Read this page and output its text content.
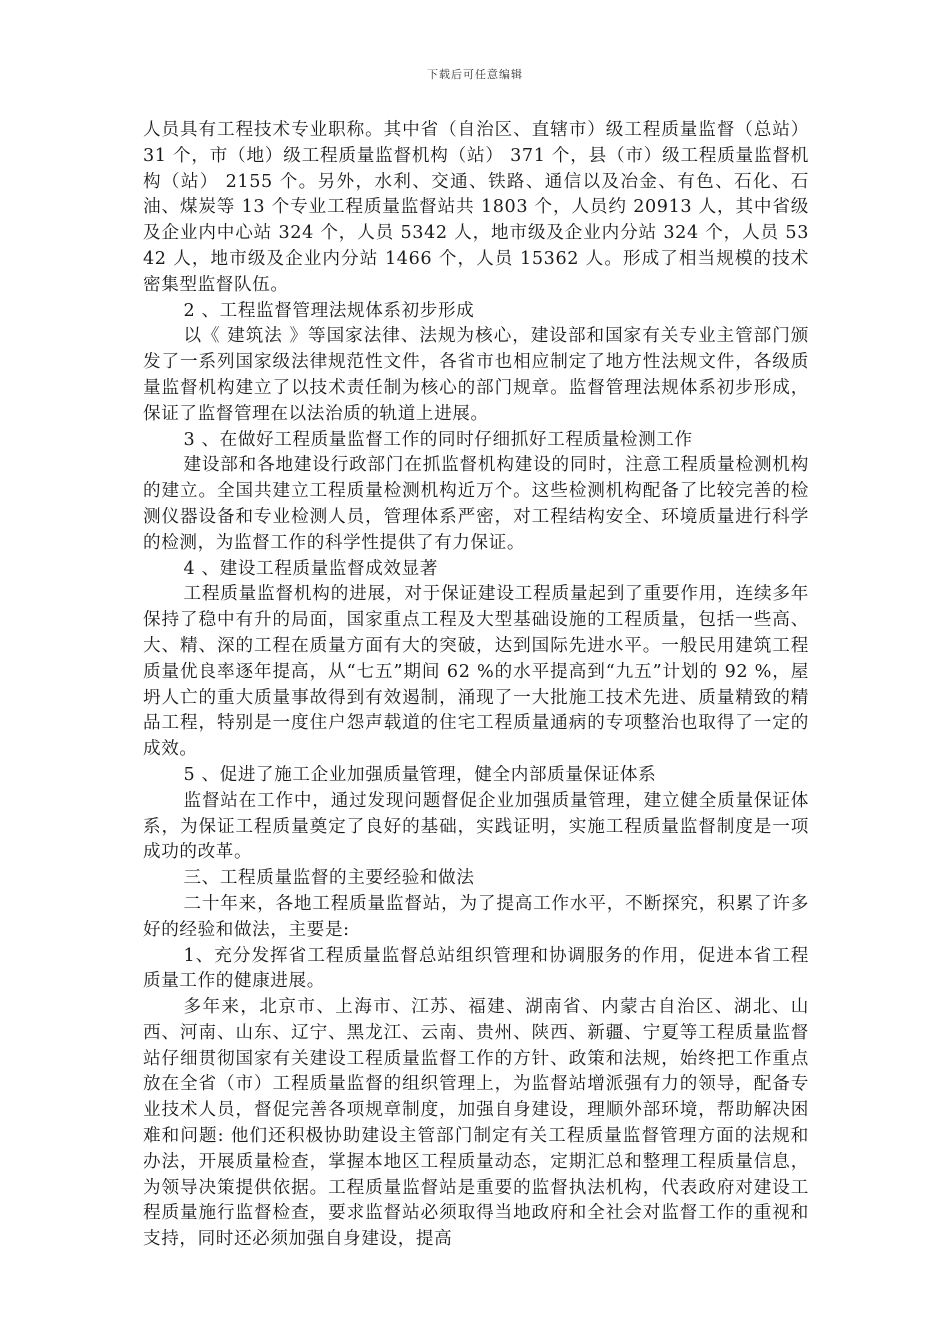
下载后可任意编辑

人员具有工程技术专业职称。其中省（自治区、直辖市）级工程质量监督（总站） 31 个，市（地）级工程质量监督机构（站） 371 个，县（市）级工程质量监督机构（站） 2155 个。另外，水利、交通、铁路、通信以及冶金、有色、石化、石油、煤炭等 13 个专业工程质量监督站共 1803 个，人员约 20913 人，其中省级及企业内中心站 324 个，人员 5342 人，地市级及企业内分站 324 个，人员 5342 人，地市级及企业内分站 1466 个，人员 15362 人。形成了相当规模的技术密集型监督队伍。

2 、工程监督管理法规体系初步形成

以《 建筑法 》等国家法律、法规为核心，建设部和国家有关专业主管部门颁发了一系列国家级法律规范性文件，各省市也相应制定了地方性法规文件，各级质量监督机构建立了以技术责任制为核心的部门规章。监督管理法规体系初步形成，保证了监督管理在以法治质的轨道上进展。

3 、在做好工程质量监督工作的同时仔细抓好工程质量检测工作

建设部和各地建设行政部门在抓监督机构建设的同时，注意工程质量检测机构的建立。全国共建立工程质量检测机构近万个。这些检测机构配备了比较完善的检测仪器设备和专业检测人员，管理体系严密，对工程结构安全、环境质量进行科学的检测，为监督工作的科学性提供了有力保证。

4 、建设工程质量监督成效显著

工程质量监督机构的进展，对于保证建设工程质量起到了重要作用，连续多年保持了稳中有升的局面，国家重点工程及大型基础设施的工程质量，包括一些高、大、精、深的工程在质量方面有大的突破，达到国际先进水平。一般民用建筑工程质量优良率逐年提高，从“七五”期间 62 %的水平提高到“九五”计划的 92 %，屋坍人亡的重大质量事故得到有效遏制，涌现了一大批施工技术先进、质量精致的精品工程，特别是一度住户怨声载道的住宅工程质量通病的专项整治也取得了一定的成效。

5 、促进了施工企业加强质量管理，健全内部质量保证体系

监督站在工作中，通过发现问题督促企业加强质量管理，建立健全质量保证体系，为保证工程质量奠定了良好的基础，实践证明，实施工程质量监督制度是一项成功的改革。

三、工程质量监督的主要经验和做法

二十年来，各地工程质量监督站，为了提高工作水平，不断探究，积累了许多好的经验和做法，主要是:

1、充分发挥省工程质量监督总站组织管理和协调服务的作用，促进本省工程质量工作的健康进展。

多年来，北京市、上海市、江苏、福建、湖南省、内蒙古自治区、湖北、山西、河南、山东、辽宁、黑龙江、云南、贵州、陕西、新疆、宁夏等工程质量监督站仔细贯彻国家有关建设工程质量监督工作的方针、政策和法规，始终把工作重点放在全省（市）工程质量监督的组织管理上，为监督站增派强有力的领导，配备专业技术人员，督促完善各项规章制度，加强自身建设，理顺外部环境，帮助解决困难和问题: 他们还积极协助建设主管部门制定有关工程质量监督管理方面的法规和办法，开展质量检查，掌握本地区工程质量动态，定期汇总和整理工程质量信息，为领导决策提供依据。工程质量监督站是重要的监督执法机构，代表政府对建设工程质量施行监督检查，要求监督站必须取得当地政府和全社会对监督工作的重视和支持，同时还必须加强自身建设，提高
